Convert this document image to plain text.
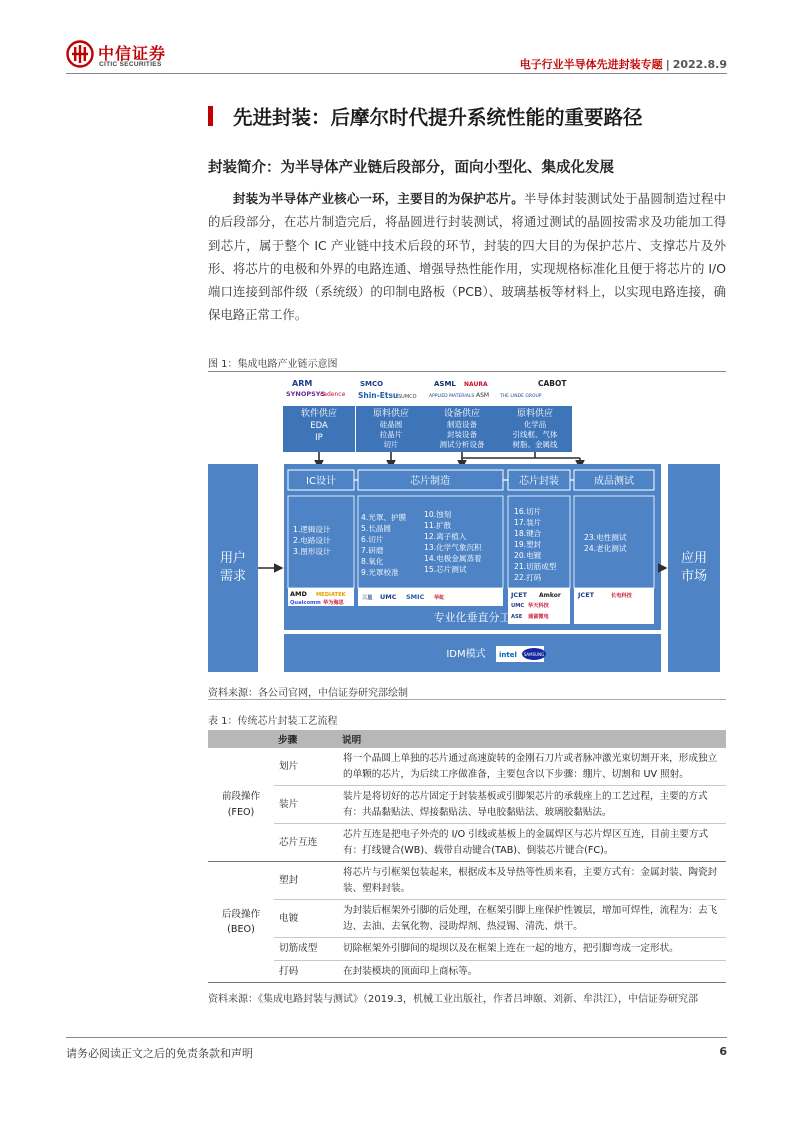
中信证券
CITIC SECURITIES	电子行业半导体先进封装专题 | 2022.8.9
先进封装：后摩尔时代提升系统性能的重要路径
封装简介：为半导体产业链后段部分，面向小型化、集成化发展
封装为半导体产业核心一环，主要目的为保护芯片。半导体封装测试处于晶圆制造过程中的后段部分，在芯片制造完后，将晶圆进行封装测试，将通过测试的晶圆按需求及功能加工得到芯片，属于整个 IC 产业链中技术后段的环节，封装的四大目的为保护芯片、支撑芯片及外形、将芯片的电极和外界的电路连通、增强导热性能作用，实现规格标准化且便于将芯片的 I/O 端口连接到部件级（系统级）的印制电路板（PCB）、玻璃基板等材料上，以实现电路连接，确保电路正常工作。
图 1：集成电路产业链示意图
ARM
SYNOPSYS
cadence
SMCO
Shin-Etsu SUMCO
ASML NAURA
APPLIED MATERIALS ASM
CABOT
THE LINDE GROUP
软件供应
EDA
IP
原料供应
硅晶圆
拉晶片
切片
设备供应
制造设备
封装设备
测试分析设备
原料供应
化学品
引线框、气体
树脂、金属线
用户
需求
应用
市场
IC设计	芯片制造	芯片封装	成品测试
1.逻辑设计
2.电路设计
3.图形设计
4.光罩、护膜
5.长晶圆
6.切片
7.研磨
8.氧化
9.光罩校准
10.蚀刻
11.扩散
12.离子植入
13.化学气象沉积
14.电极金属蒸着
15.芯片测试
16.切片
17.装片
18.键合
19.塑封
20.电镀
21.切筋成型
22.打码
23.电性测试
24.老化测试
AMD MEDIATEK
Qualcomm 华为海思
三星 UMC SMIC 华虹	JCET Amkor
UMC 华天科技
ASE 通富微电
JCET	长电科技
专业化垂直分工
IDM模式 intel SAMSUNG
资料来源：各公司官网，中信证券研究部绘制
表 1：传统芯片封装工艺流程
	步骤	说明
前段操作
(FEO)	划片	将一个晶圆上单独的芯片通过高速旋转的金刚石刀片或者脉冲激光束切割开来，形成独立的单颗的芯片，为后续工序做准备，主要包含以下步骤：绷片、切割和 UV 照射。
	装片	装片是将切好的芯片固定于封装基板或引脚架芯片的承载座上的工艺过程，主要的方式有：共晶黏贴法、焊接黏贴法、导电胶黏贴法、玻璃胶黏贴法。
	芯片互连	芯片互连是把电子外壳的 I/O 引线或基板上的金属焊区与芯片焊区互连，目前主要方式有：打线键合(WB)、载带自动键合(TAB)、倒装芯片键合(FC)。
后段操作
(BEO)	塑封	将芯片与引框架包装起来，根据成本及导热等性质来看，主要方式有：金属封装、陶瓷封装、塑料封装。
	电镀	为封装后框架外引脚的后处理，在框架引脚上座保护性镀层，增加可焊性，流程为：去飞边、去油、去氧化物、浸助焊剂、热浸锡、清洗、烘干。
	切筋成型	切除框架外引脚间的堤坝以及在框架上连在一起的地方，把引脚弯成一定形状。
	打码	在封装模块的顶面印上商标等。
资料来源：《集成电路封装与测试》（2019.3，机械工业出版社，作者吕坤颐、刘新、牟洪江），中信证券研究部
请务必阅读正文之后的免责条款和声明	6
